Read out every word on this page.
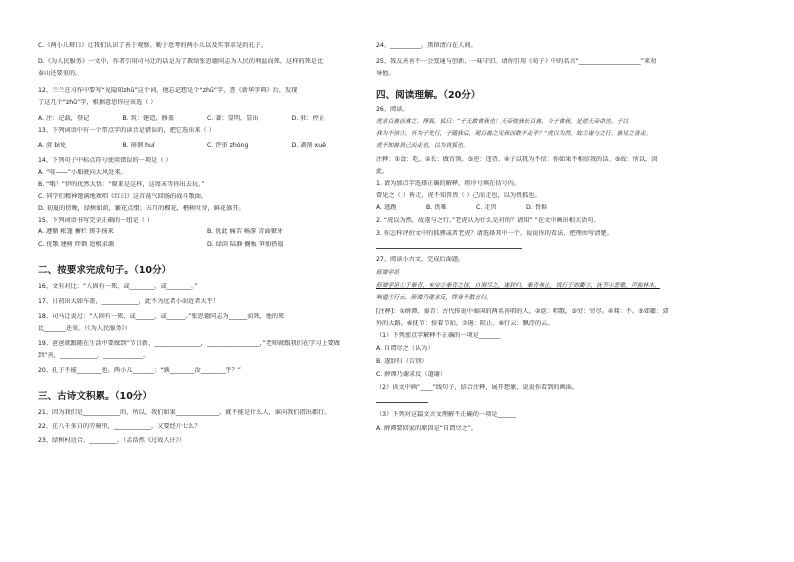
C.《两小儿辩日》让我们认识了善于观察、勤于思考的两小儿以及实事求是的孔子。

D.《为人民服务》一文中，作者引用司马迁的话是为了教给张思德同志为人民的利益而死，这样的死是比

泰山还要重的。

12、兰兰在习作中要写“见隐知zhū”这个词，他忘记想是个“zhū”字，查《新华字典》后，发现

了这几个“zhū”字，根据意思你应该选（ ）

A. 注：记载，登记	B. 筑：建造，修盖	C. 著：显明，显出	D. 驻：停止

13、下列词语中有一个带点字的读音是错误的，把它选出来（ ）

A. 澄 bì免	B. 徘徊 huí	C. 泙重 zhòng	D. 剥削 xuē

14、下列句子中标点符号使用错误的一项是（ ）

A. “吱——”小船驶向大风处来。

B. “哦！”伊的优然大悟：“原来是这样，这周末等你出去玩。”

C. 同学们精神饱满地欢唱《红日》这首荡气回肠的战斗歌曲。

D. 初夏的傍晚，绿树如荫，繁花点缀；五月的榴花，楷树吐芽，鲜花盛开。

15、下列词语书写完全正确的一组是（ ）

A. 遵循 帐篷 蓄栏 锲手扬来	B. 犹此 痛苦 畅游 青面獠牙
C. 优歌 建树 绊倒 追根求源	D. 绿茵 陆静 搁板 笋加搭福

二、按要求完成句子。（10分）

16、文有对比：“人固有一死，或________，或________。”

17、日初出大如车盖，____________，此不为远者小而近者大乎！

18、司马迁说过：“人固有一死，或______，或______。”张思德同志为______而死，他的死

比_______还重。（《为人民服务》）

19、爸爸就跟随在生活中要做到“节日新，_______________，_________________，”老师就跟我们在学习上要做

到“善，____________，_____________。

20、孔子不能________也。两小儿_______：“孰________汝________乎？”

三、古诗文积累。（10分）

21、因为我们是____________的，所以，我们如果______________，就不能是什么人，谁向我们指出都行。

22、在八千多日的劳骑里，____________，又要经片七么？

23、绿树村边合，_________。（孟浩然《过故人庄》）

24、__________，黑留清白在人间。

25、我友善善不一会变通与创新，一味守旧。请你引用《荀子》中的名言“____________________”来劝

导他。

四、阅读理解。（20分）

26、阅读。

虎求百兽而食之。得狐。狐曰：“子无敢食我也！天帝使我长百兽，今子食我，是逆天帝命也。子以

我为不信③，吾为子先行，子随我后，观百兽之见我而敢不走乎？”虎以为然，故③遂与之行。兽见之皆走。

虎不知兽畏己而走也，以为畏狐也。

注释：①食：吃。②长：做首领。③逆：违背。④子以我为不信：你如果不相信我的话。⑤故：所以，因

此。

1. 请为加点字选择正确的解释，将序号填在括号内。

曾见之（ ）皆走，虎不知兽畏（ ）己而走也，以为畏狐也。

A. 逃跑	B. 畏难	C. 走兽	D. 畏惧

2. “虎以为然，故遂与之行。”老虎认为什么是对的？请用“ ”在文中画出相关语句。

3. 你怎样评价文中的狐狸或者老虎？请选择其中一个，说说你的看法，把理由写清楚。

27、阅读小古文，完成后面题。

薛谭学讴

薛谭学讴①于秦青，未穷②秦青之技，自谓尽之，遂辞归。秦青弗止，饯行于郊衢③，抚节④悲歌，声振林木，

响遏⑤行云。薛谭乃谢求反，终身不敢言归。

[注释]：①薛谭、秦青：古代传说中秦国的两名善唱的人。②讴：唱歌。③穷：穷尽。④弗：不。⑤郊衢：郊

外的大路。⑥抚节：按着节拍。⑦遏：阻止。⑧行云：飘浮的云。

（1）下列加点字解释不正确的一项是_______

A. 自谓尽之（认为）

B. 遂辞归（告别）

C. 薛谭乃谢求反（道谢）

（2）该文中画“____”线句子，结合注释，展开想象，说说你看到的画面。

（3）下列对这篇文言文理解不正确的一项是______

A. 薛谭要回家的原因是“自谓尽之”。
